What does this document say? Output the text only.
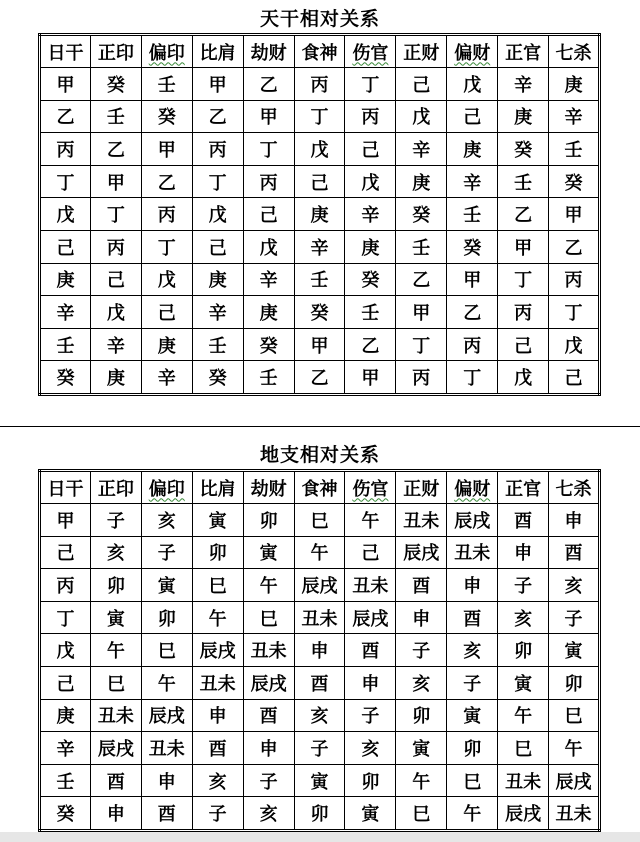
天干相对关系
日干	正印	偏印	比肩	劫财	食神	伤官	正财	偏财	正官	七杀
甲	癸	壬	甲	乙	丙	丁	己	戊	辛	庚
乙	壬	癸	乙	甲	丁	丙	戊	己	庚	辛
丙	乙	甲	丙	丁	戊	己	辛	庚	癸	壬
丁	甲	乙	丁	丙	己	戊	庚	辛	壬	癸
戊	丁	丙	戊	己	庚	辛	癸	壬	乙	甲
己	丙	丁	己	戊	辛	庚	壬	癸	甲	乙
庚	己	戊	庚	辛	壬	癸	乙	甲	丁	丙
辛	戊	己	辛	庚	癸	壬	甲	乙	丙	丁
壬	辛	庚	壬	癸	甲	乙	丁	丙	己	戊
癸	庚	辛	癸	壬	乙	甲	丙	丁	戊	己
地支相对关系
日干	正印	偏印	比肩	劫财	食神	伤官	正财	偏财	正官	七杀
甲	子	亥	寅	卯	巳	午	丑未	辰戌	酉	申
己	亥	子	卯	寅	午	己	辰戌	丑未	申	酉
丙	卯	寅	巳	午	辰戌	丑未	酉	申	子	亥
丁	寅	卯	午	巳	丑未	辰戌	申	酉	亥	子
戊	午	巳	辰戌	丑未	申	酉	子	亥	卯	寅
己	巳	午	丑未	辰戌	酉	申	亥	子	寅	卯
庚	丑未	辰戌	申	酉	亥	子	卯	寅	午	巳
辛	辰戌	丑未	酉	申	子	亥	寅	卯	巳	午
壬	酉	申	亥	子	寅	卯	午	巳	丑未	辰戌
癸	申	酉	子	亥	卯	寅	巳	午	辰戌	丑未
